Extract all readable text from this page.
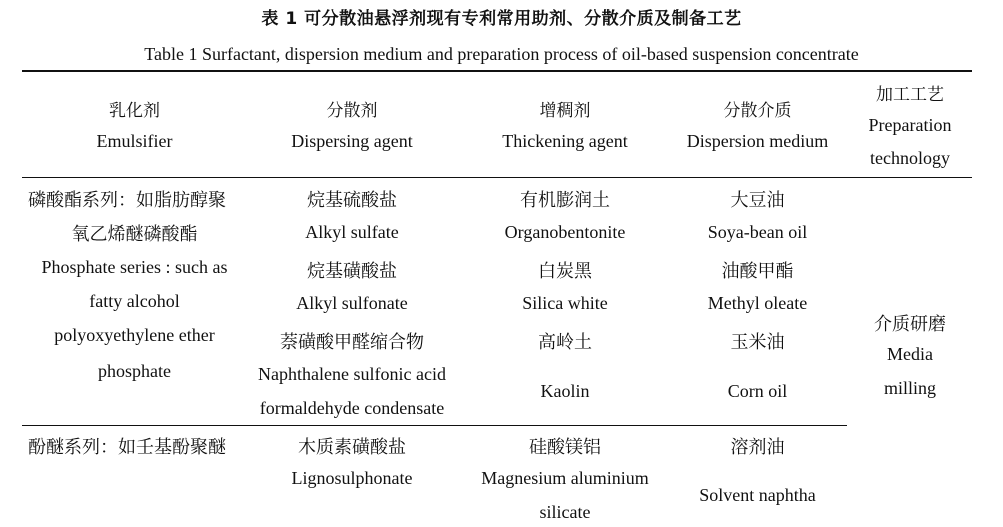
表 1 可分散油悬浮剂现有专利常用助剂、分散介质及制备工艺
Table 1 Surfactant, dispersion medium and preparation process of oil-based suspension concentrate
乳化剂
Emulsifier
分散剂
Dispersing agent
增稠剂
Thickening agent
分散介质
Dispersion medium
加工工艺
Preparation
technology
磷酸酯系列：如脂肪醇聚
氧乙烯醚磷酸酯
Phosphate series : such as
fatty alcohol
polyoxyethylene ether
phosphate
烷基硫酸盐
Alkyl sulfate
烷基磺酸盐
Alkyl sulfonate
萘磺酸甲醛缩合物
Naphthalene sulfonic acid
formaldehyde condensate
有机膨润土
Organobentonite
白炭黑
Silica white
高岭土
Kaolin
大豆油
Soya-bean oil
油酸甲酯
Methyl oleate
玉米油
Corn oil
介质研磨
Media
milling
酚醚系列：如壬基酚聚醚	木质素磺酸盐
Lignosulphonate
硅酸镁铝
Magnesium aluminium
silicate
溶剂油
Solvent naphtha
